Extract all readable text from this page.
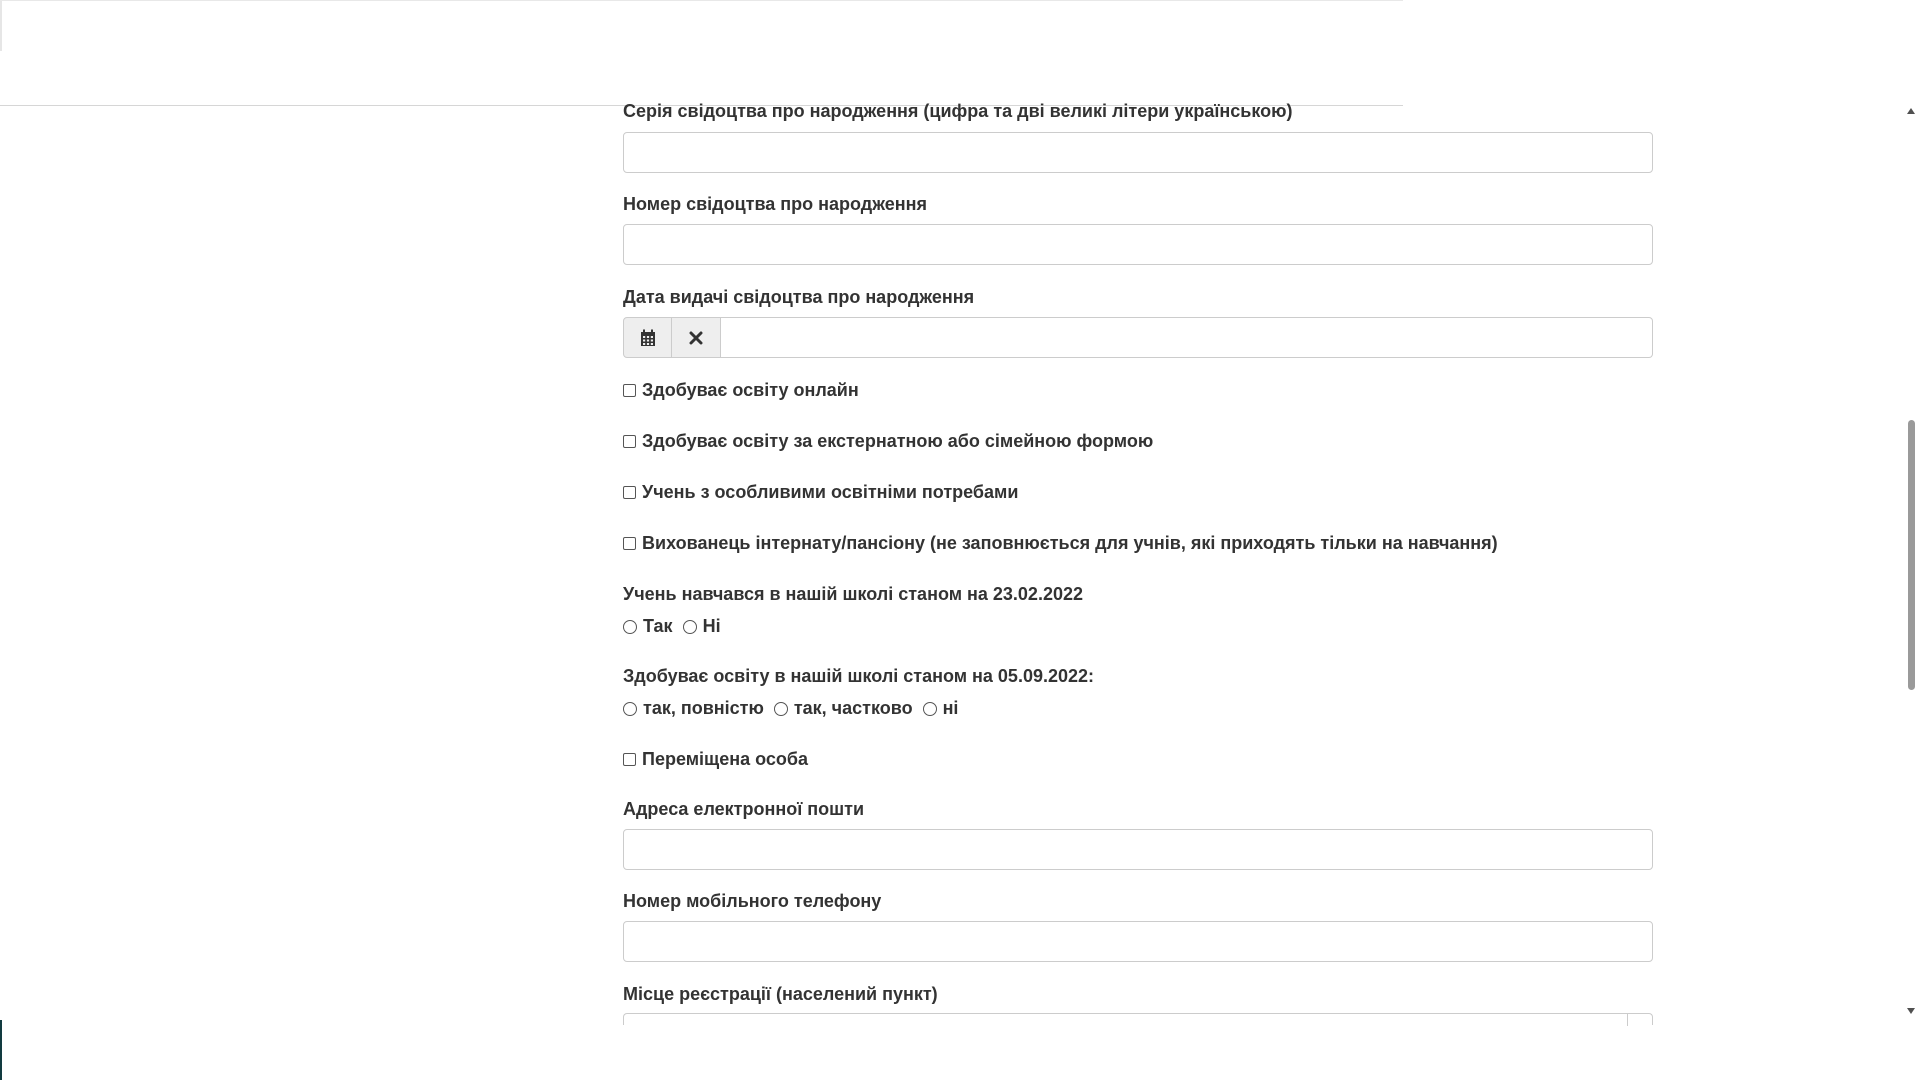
Серія свідоцтва про народження (цифра та дві великі літери українською)
Номер свідоцтва про народження
Дата видачі свідоцтва про народження
Здобуває освіту онлайн
Здобуває освіту за екстернатною або сімейною формою
Учень з особливими освітніми потребами
Вихованець інтернату/пансіону (не заповнюється для учнів, які приходять тільки на навчання)
Учень навчався в нашій школі станом на 23.02.2022
Так Ні
Здобуває освіту в нашій школі станом на 05.09.2022:
так, повністю так, частково ні
Переміщена особа
Адреса електронної пошти
Номер мобільного телефону
Місце реєстрації (населений пункт)
